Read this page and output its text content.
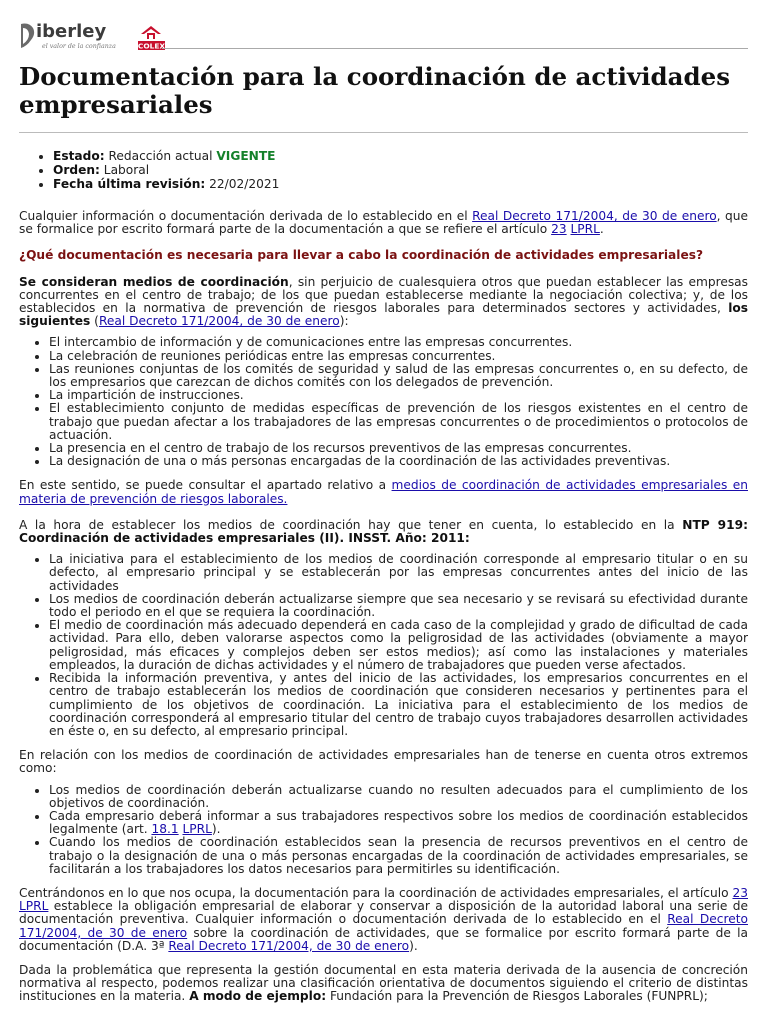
iberley
el valor de la confianza	COLEX
Documentación para la coordinación de actividades empresariales
• Estado: Redacción actual VIGENTE
• Orden: Laboral
• Fecha última revisión: 22/02/2021

Cualquier información o documentación derivada de lo establecido en el Real Decreto 171/2004, de 30 de enero, que se formalice por escrito formará parte de la documentación a que se refiere el artículo 23 LPRL.

¿Qué documentación es necesaria para llevar a cabo la coordinación de actividades empresariales?

Se consideran medios de coordinación, sin perjuicio de cualesquiera otros que puedan establecer las empresas concurrentes en el centro de trabajo; de los que puedan establecerse mediante la negociación colectiva; y, de los establecidos en la normativa de prevención de riesgos laborales para determinados sectores y actividades, los siguientes (Real Decreto 171/2004, de 30 de enero):

• El intercambio de información y de comunicaciones entre las empresas concurrentes.
• La celebración de reuniones periódicas entre las empresas concurrentes.
• Las reuniones conjuntas de los comités de seguridad y salud de las empresas concurrentes o, en su defecto, de los empresarios que carezcan de dichos comités con los delegados de prevención.
• La impartición de instrucciones.
• El establecimiento conjunto de medidas específicas de prevención de los riesgos existentes en el centro de trabajo que puedan afectar a los trabajadores de las empresas concurrentes o de procedimientos o protocolos de actuación.
• La presencia en el centro de trabajo de los recursos preventivos de las empresas concurrentes.
• La designación de una o más personas encargadas de la coordinación de las actividades preventivas.

En este sentido, se puede consultar el apartado relativo a medios de coordinación de actividades empresariales en materia de prevención de riesgos laborales.

A la hora de establecer los medios de coordinación hay que tener en cuenta, lo establecido en la NTP 919: Coordinación de actividades empresariales (II). INSST. Año: 2011:

• La iniciativa para el establecimiento de los medios de coordinación corresponde al empresario titular o en su defecto, al empresario principal y se establecerán por las empresas concurrentes antes del inicio de las actividades
• Los medios de coordinación deberán actualizarse siempre que sea necesario y se revisará su efectividad durante todo el periodo en el que se requiera la coordinación.
• El medio de coordinación más adecuado dependerá en cada caso de la complejidad y grado de dificultad de cada actividad. Para ello, deben valorarse aspectos como la peligrosidad de las actividades (obviamente a mayor peligrosidad, más eficaces y complejos deben ser estos medios); así como las instalaciones y materiales empleados, la duración de dichas actividades y el número de trabajadores que pueden verse afectados.
• Recibida la información preventiva, y antes del inicio de las actividades, los empresarios concurrentes en el centro de trabajo establecerán los medios de coordinación que consideren necesarios y pertinentes para el cumplimiento de los objetivos de coordinación. La iniciativa para el establecimiento de los medios de coordinación corresponderá al empresario titular del centro de trabajo cuyos trabajadores desarrollen actividades en éste o, en su defecto, al empresario principal.

En relación con los medios de coordinación de actividades empresariales han de tenerse en cuenta otros extremos como:

• Los medios de coordinación deberán actualizarse cuando no resulten adecuados para el cumplimiento de los objetivos de coordinación.
• Cada empresario deberá informar a sus trabajadores respectivos sobre los medios de coordinación establecidos legalmente (art. 18.1 LPRL).
• Cuando los medios de coordinación establecidos sean la presencia de recursos preventivos en el centro de trabajo o la designación de una o más personas encargadas de la coordinación de actividades empresariales, se facilitarán a los trabajadores los datos necesarios para permitirles su identificación.

Centrándonos en lo que nos ocupa, la documentación para la coordinación de actividades empresariales, el artículo 23 LPRL establece la obligación empresarial de elaborar y conservar a disposición de la autoridad laboral una serie de documentación preventiva. Cualquier información o documentación derivada de lo establecido en el Real Decreto 171/2004, de 30 de enero sobre la coordinación de actividades, que se formalice por escrito formará parte de la documentación (D.A. 3ª Real Decreto 171/2004, de 30 de enero).

Dada la problemática que representa la gestión documental en esta materia derivada de la ausencia de concreción normativa al respecto, podemos realizar una clasificación orientativa de documentos siguiendo el criterio de distintas instituciones en la materia. A modo de ejemplo: Fundación para la Prevención de Riesgos Laborales (FUNPRL);
